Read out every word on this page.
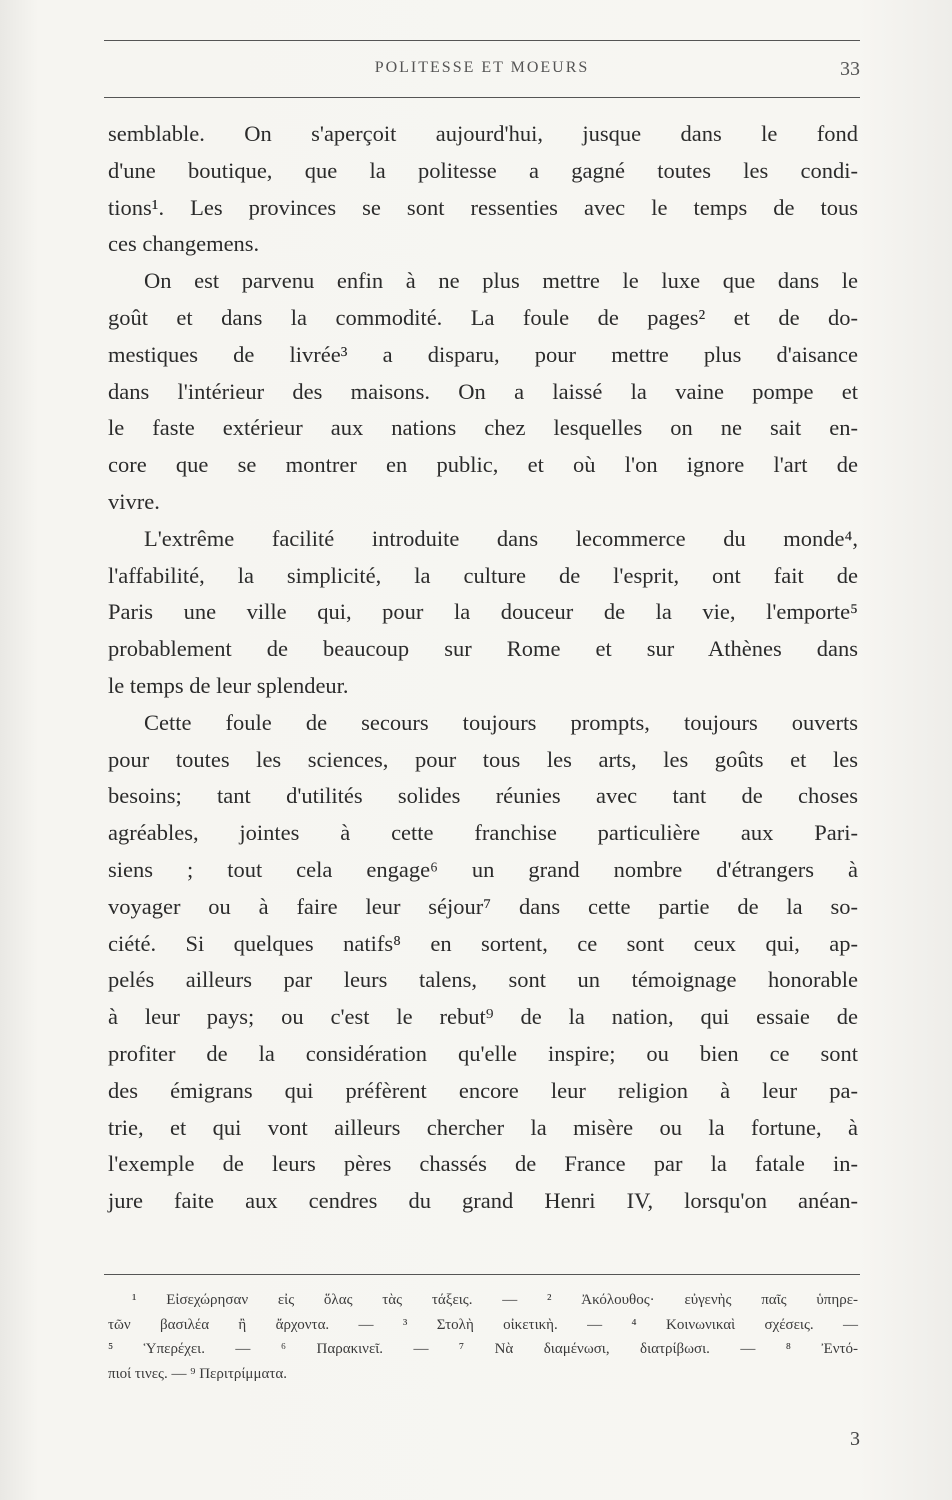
POLITESSE ET MOEURS	33
semblable. On s'aperçoit aujourd'hui, jusque dans le fond
d'une boutique, que la politesse a gagné toutes les condi-
tions¹. Les provinces se sont ressenties avec le temps de tous
ces changemens.
On est parvenu enfin à ne plus mettre le luxe que dans le
goût et dans la commodité. La foule de pages² et de do-
mestiques de livrée³ a disparu, pour mettre plus d'aisance
dans l'intérieur des maisons. On a laissé la vaine pompe et
le faste extérieur aux nations chez lesquelles on ne sait en-
core que se montrer en public, et où l'on ignore l'art de
vivre.
L'extrême facilité introduite dans lecommerce du monde⁴,
l'affabilité, la simplicité, la culture de l'esprit, ont fait de
Paris une ville qui, pour la douceur de la vie, l'emporte⁵
probablement de beaucoup sur Rome et sur Athènes dans
le temps de leur splendeur.
Cette foule de secours toujours prompts, toujours ouverts
pour toutes les sciences, pour tous les arts, les goûts et les
besoins; tant d'utilités solides réunies avec tant de choses
agréables, jointes à cette franchise particulière aux Pari-
siens ; tout cela engage⁶ un grand nombre d'étrangers à
voyager ou à faire leur séjour⁷ dans cette partie de la so-
ciété. Si quelques natifs⁸ en sortent, ce sont ceux qui, ap-
pelés ailleurs par leurs talens, sont un témoignage honorable
à leur pays; ou c'est le rebut⁹ de la nation, qui essaie de
profiter de la considération qu'elle inspire; ou bien ce sont
des émigrans qui préfèrent encore leur religion à leur pa-
trie, et qui vont ailleurs chercher la misère ou la fortune, à
l'exemple de leurs pères chassés de France par la fatale in-
jure faite aux cendres du grand Henri IV, lorsqu'on anéan-
¹ Εἰσεχώρησαν εἰς ὅλας τὰς τάξεις. — ² Ἀκόλουθος· εὐγενὴς παῖς ὑπηρε-
τῶν βασιλέα ἢ ἄρχοντα. — ³ Στολὴ οἰκετικὴ. — ⁴ Κοινωνικαὶ σχέσεις. —
⁵ Ὑπερέχει. — ⁶ Παρακινεῖ. — ⁷ Νὰ διαμένωσι, διατρίβωσι. — ⁸ Ἐντό-
πιοί τινες. — ⁹ Περιτρίμματα.
3
